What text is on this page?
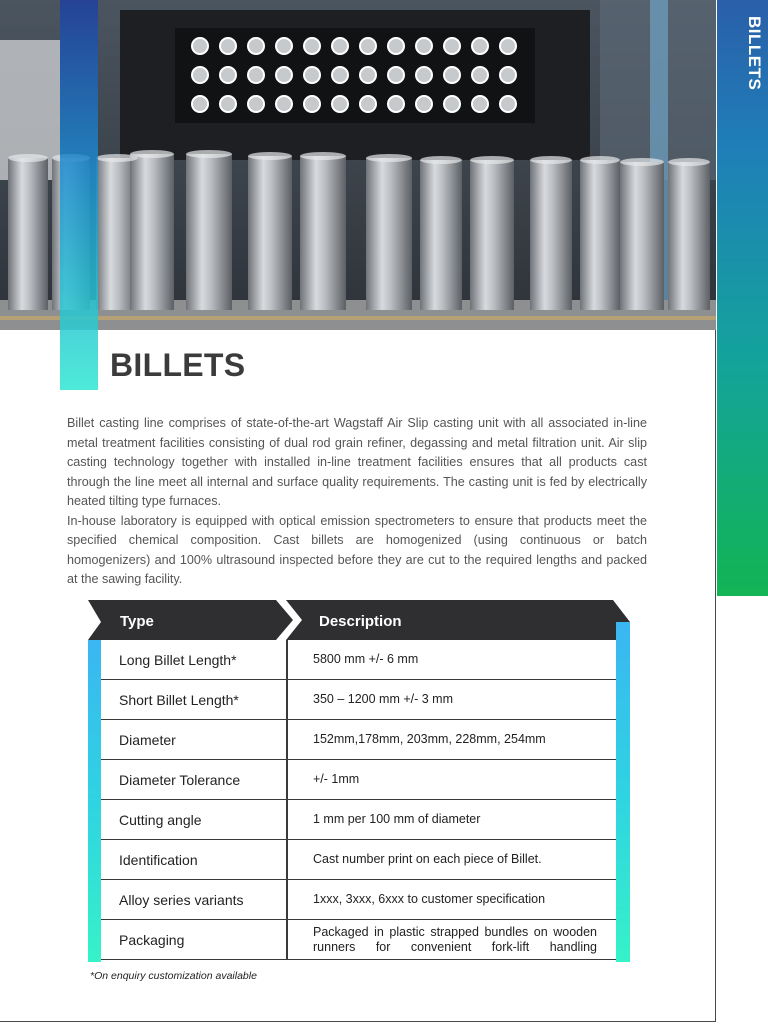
BILLETS
BILLETS

Billet casting line comprises of state-of-the-art Wagstaff Air Slip casting unit with all associated in-line metal treatment facilities consisting of dual rod grain refiner, degassing and metal filtration unit. Air slip casting technology together with installed in-line treatment facilities ensures that all products cast through the line meet all internal and surface quality requirements. The casting unit is fed by electrically heated tilting type furnaces.

In-house laboratory is equipped with optical emission spectrometers to ensure that products meet the specified chemical composition. Cast billets are homogenized (using continuous or batch homogenizers) and 100% ultrasound inspected before they are cut to the required lengths and packed at the sawing facility.

Type	Description
Long Billet Length*	5800 mm +/- 6 mm
Short Billet Length*	350 – 1200 mm +/- 3 mm
Diameter	152mm,178mm, 203mm, 228mm, 254mm
Diameter Tolerance	+/- 1mm
Cutting angle	1 mm per 100 mm of diameter
Identification	Cast number print on each piece of Billet.
Alloy series variants	1xxx, 3xxx, 6xxx to customer specification
Packaging	Packaged in plastic strapped bundles on wooden runners for convenient fork-lift handling
*On enquiry customization available
